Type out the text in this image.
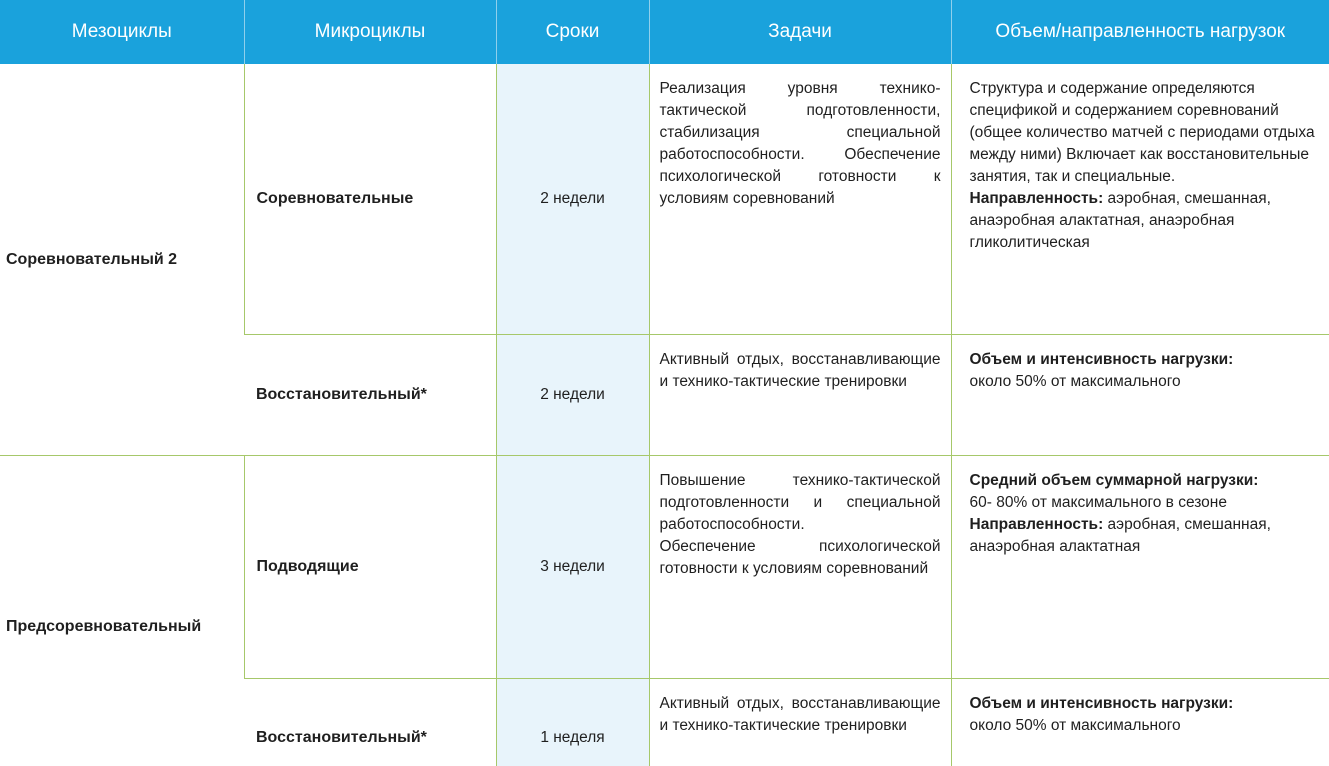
Мезоциклы	Микроциклы	Сроки	Задачи	Объем/направленность нагрузок
Соревновательный 2	Соревновательные	2 недели	Реализация уровня технико-тактической подготовленности, стабилизация специальной работоспособности. Обеспечение психологической готовности к условиям соревнований	Структура и содержание определяются спецификой и содержанием соревнований (общее количество матчей с периодами отдыха между ними) Включает как восстановительные занятия, так и специальные.
Направленность: аэробная, смешанная, анаэробная алактатная, анаэробная гликолитическая
	Восстановительный*	2 недели	Активный отдых, восстанавливающие и технико-тактические тренировки	Объем и интенсивность нагрузки:
около 50% от максимального
Предсоревновательный	Подводящие	3 недели	Повышение технико-тактической подготовленности и специальной работоспособности.
Обеспечение психологической готовности к условиям соревнований	Средний объем суммарной нагрузки:
60- 80% от максимального в сезоне
Направленность: аэробная, смешанная, анаэробная алактатная
	Восстановительный*	1 неделя	Активный отдых, восстанавливающие и технико-тактические тренировки	Объем и интенсивность нагрузки:
около 50% от максимального
